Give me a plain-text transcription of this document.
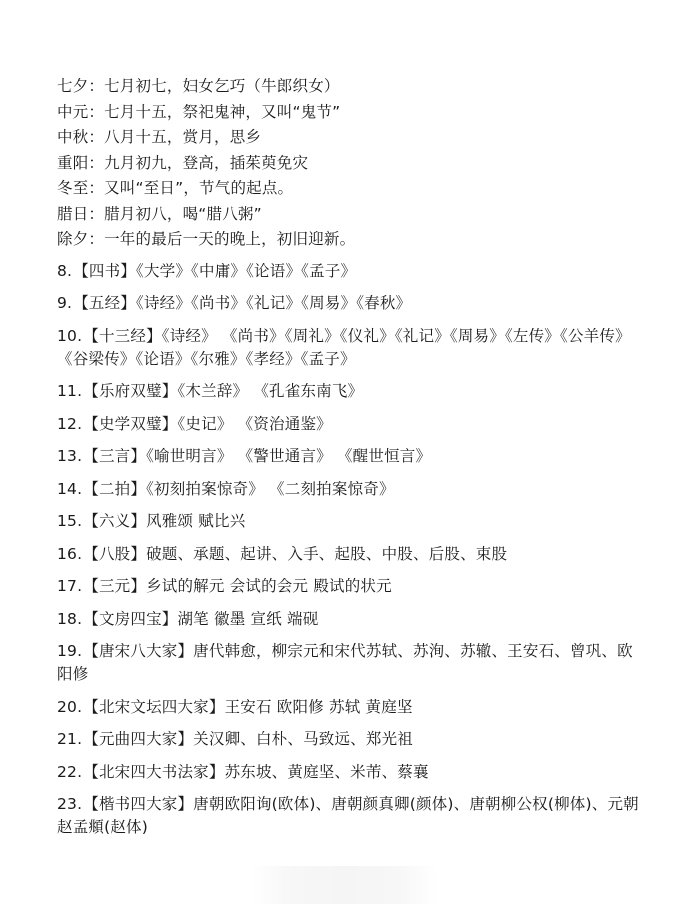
七夕：七月初七，妇女乞巧（牛郎织女）
中元：七月十五，祭祀鬼神，又叫“鬼节”
中秋：八月十五，赏月，思乡
重阳：九月初九，登高，插茱萸免灾
冬至：又叫“至日”，节气的起点。
腊日：腊月初八，喝“腊八粥”
除夕：一年的最后一天的晚上，初旧迎新。
8.【四书】《大学》《中庸》《论语》《孟子》
9.【五经】《诗经》《尚书》《礼记》《周易》《春秋》
10.【十三经】《诗经》 《尚书》《周礼》《仪礼》《礼记》《周易》《左传》《公羊传》《谷梁传》《论语》《尔雅》《孝经》《孟子》
11.【乐府双璧】《木兰辞》 《孔雀东南飞》
12.【史学双璧】《史记》 《资治通鉴》
13.【三言】《喻世明言》 《警世通言》 《醒世恒言》
14.【二拍】《初刻拍案惊奇》 《二刻拍案惊奇》
15.【六义】风雅颂 赋比兴
16.【八股】破题、承题、起讲、入手、起股、中股、后股、束股
17.【三元】乡试的解元 会试的会元 殿试的状元
18.【文房四宝】湖笔 徽墨 宣纸 端砚
19.【唐宋八大家】唐代韩愈，柳宗元和宋代苏轼、苏洵、苏辙、王安石、曾巩、欧阳修
20.【北宋文坛四大家】王安石 欧阳修 苏轼 黄庭坚
21.【元曲四大家】关汉卿、白朴、马致远、郑光祖
22.【北宋四大书法家】苏东坡、黄庭坚、米芾、蔡襄
23.【楷书四大家】唐朝欧阳询(欧体)、唐朝颜真卿(颜体)、唐朝柳公权(柳体)、元朝赵孟頫(赵体)
